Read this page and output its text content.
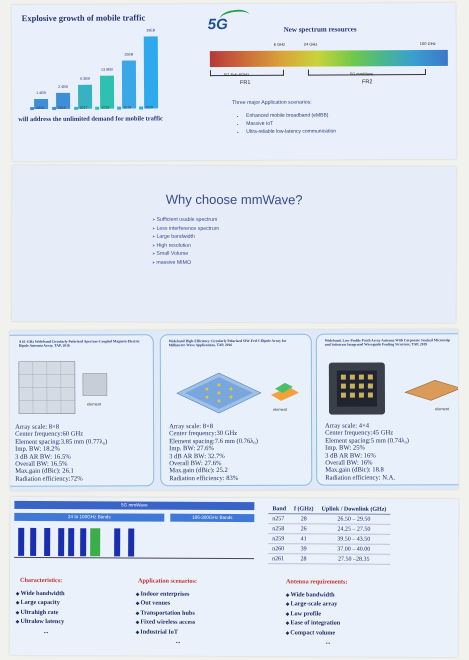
Explosive growth of mobile traffic
1.4EB
2.4EB
6.3EB
13.9EB
25EB
39EB
2015	2016	2017	2018	2019	2020
will address the unlimited demand for mobile traffic
5G	New spectrum resources
6 GHz	24 GHz	100 GHz
5G Sub-6GHz
FR1
5G mmWave
FR2
Three major Application scenarios:
• Enhanced mobile broadband (eMBB)
• Massive IoT
• Ultra-reliable low-latency communication
Why choose mmWave?
➤ Sufficient usable spectrum
➤ Less interference spectrum
➤ Large bandwidth
➤ High resolution
➤ Small Volume
➤ massive MIMO
A 61-GHz Wideband Circularly Polarized Aperture-Coupled Magneto-Electric Dipole Antenna Array, TAP, 2016
element
Array scale: 8×8
Center frequency:60 GHz
Element spacing:3.85 mm (0.77λ₀)
Imp. BW: 18.2%
3 dB AR BW: 16.5%
Overall BW: 16.5%
Max.gain (dBic): 26.1
Radiation efficiency:72%
Wideband High-Efficiency Circularly Polarized SIW-Fed S-Dipole Array for Millimeter-Wave Applications, TAP, 2016
element
Array scale: 8×8
Center frequency:30 GHz
Element spacing:7.6 mm (0.76λ₀)
Imp. BW: 27.6%
3 dB AR BW: 32.7%
Overall BW: 27.6%
Max.gain (dBic): 25.2
Radiation efficiency: 83%
Wideband, Low-Profile Patch Array Antenna With Corporate Stacked Microstrip and Substrate Integrated Waveguide Feeding Structure, TAP, 2019
element
Array scale: 4×4
Center frequency:45 GHz
Element spacing:5 mm (0.74λ₀)
Imp. BW: 25%
3 dB AR BW: 16%
Overall BW: 16%
Max.gain (dBic): 18.8
Radiation efficiency: N.A.
5G mmWave
24 to 100GHz Bands	186-300GHz Bands
Band	f (GHz)	Uplink / Downlink (GHz)
n257	28	26.50 – 29.50
n258	26	24.25 – 27.50
n259	41	39.50 – 43.50
n260	39	37.00 – 40.00
n261	28	27.50 –28.35
Characteristics:
◆ Wide bandwidth
◆ Large capacity
◆ Ultrahigh rate
◆ Ultralow latency
...
Application scenarios:
◆ Indoor enterprises
◆ Out venues
◆ Transportation hubs
◆ Fixed wireless access
◆ Industrial IoT
...
Antenna requirements:
◆ Wide bandwidth
◆ Large-scale array
◆ Low profile
◆ Ease of integration
◆ Compact volume
...
